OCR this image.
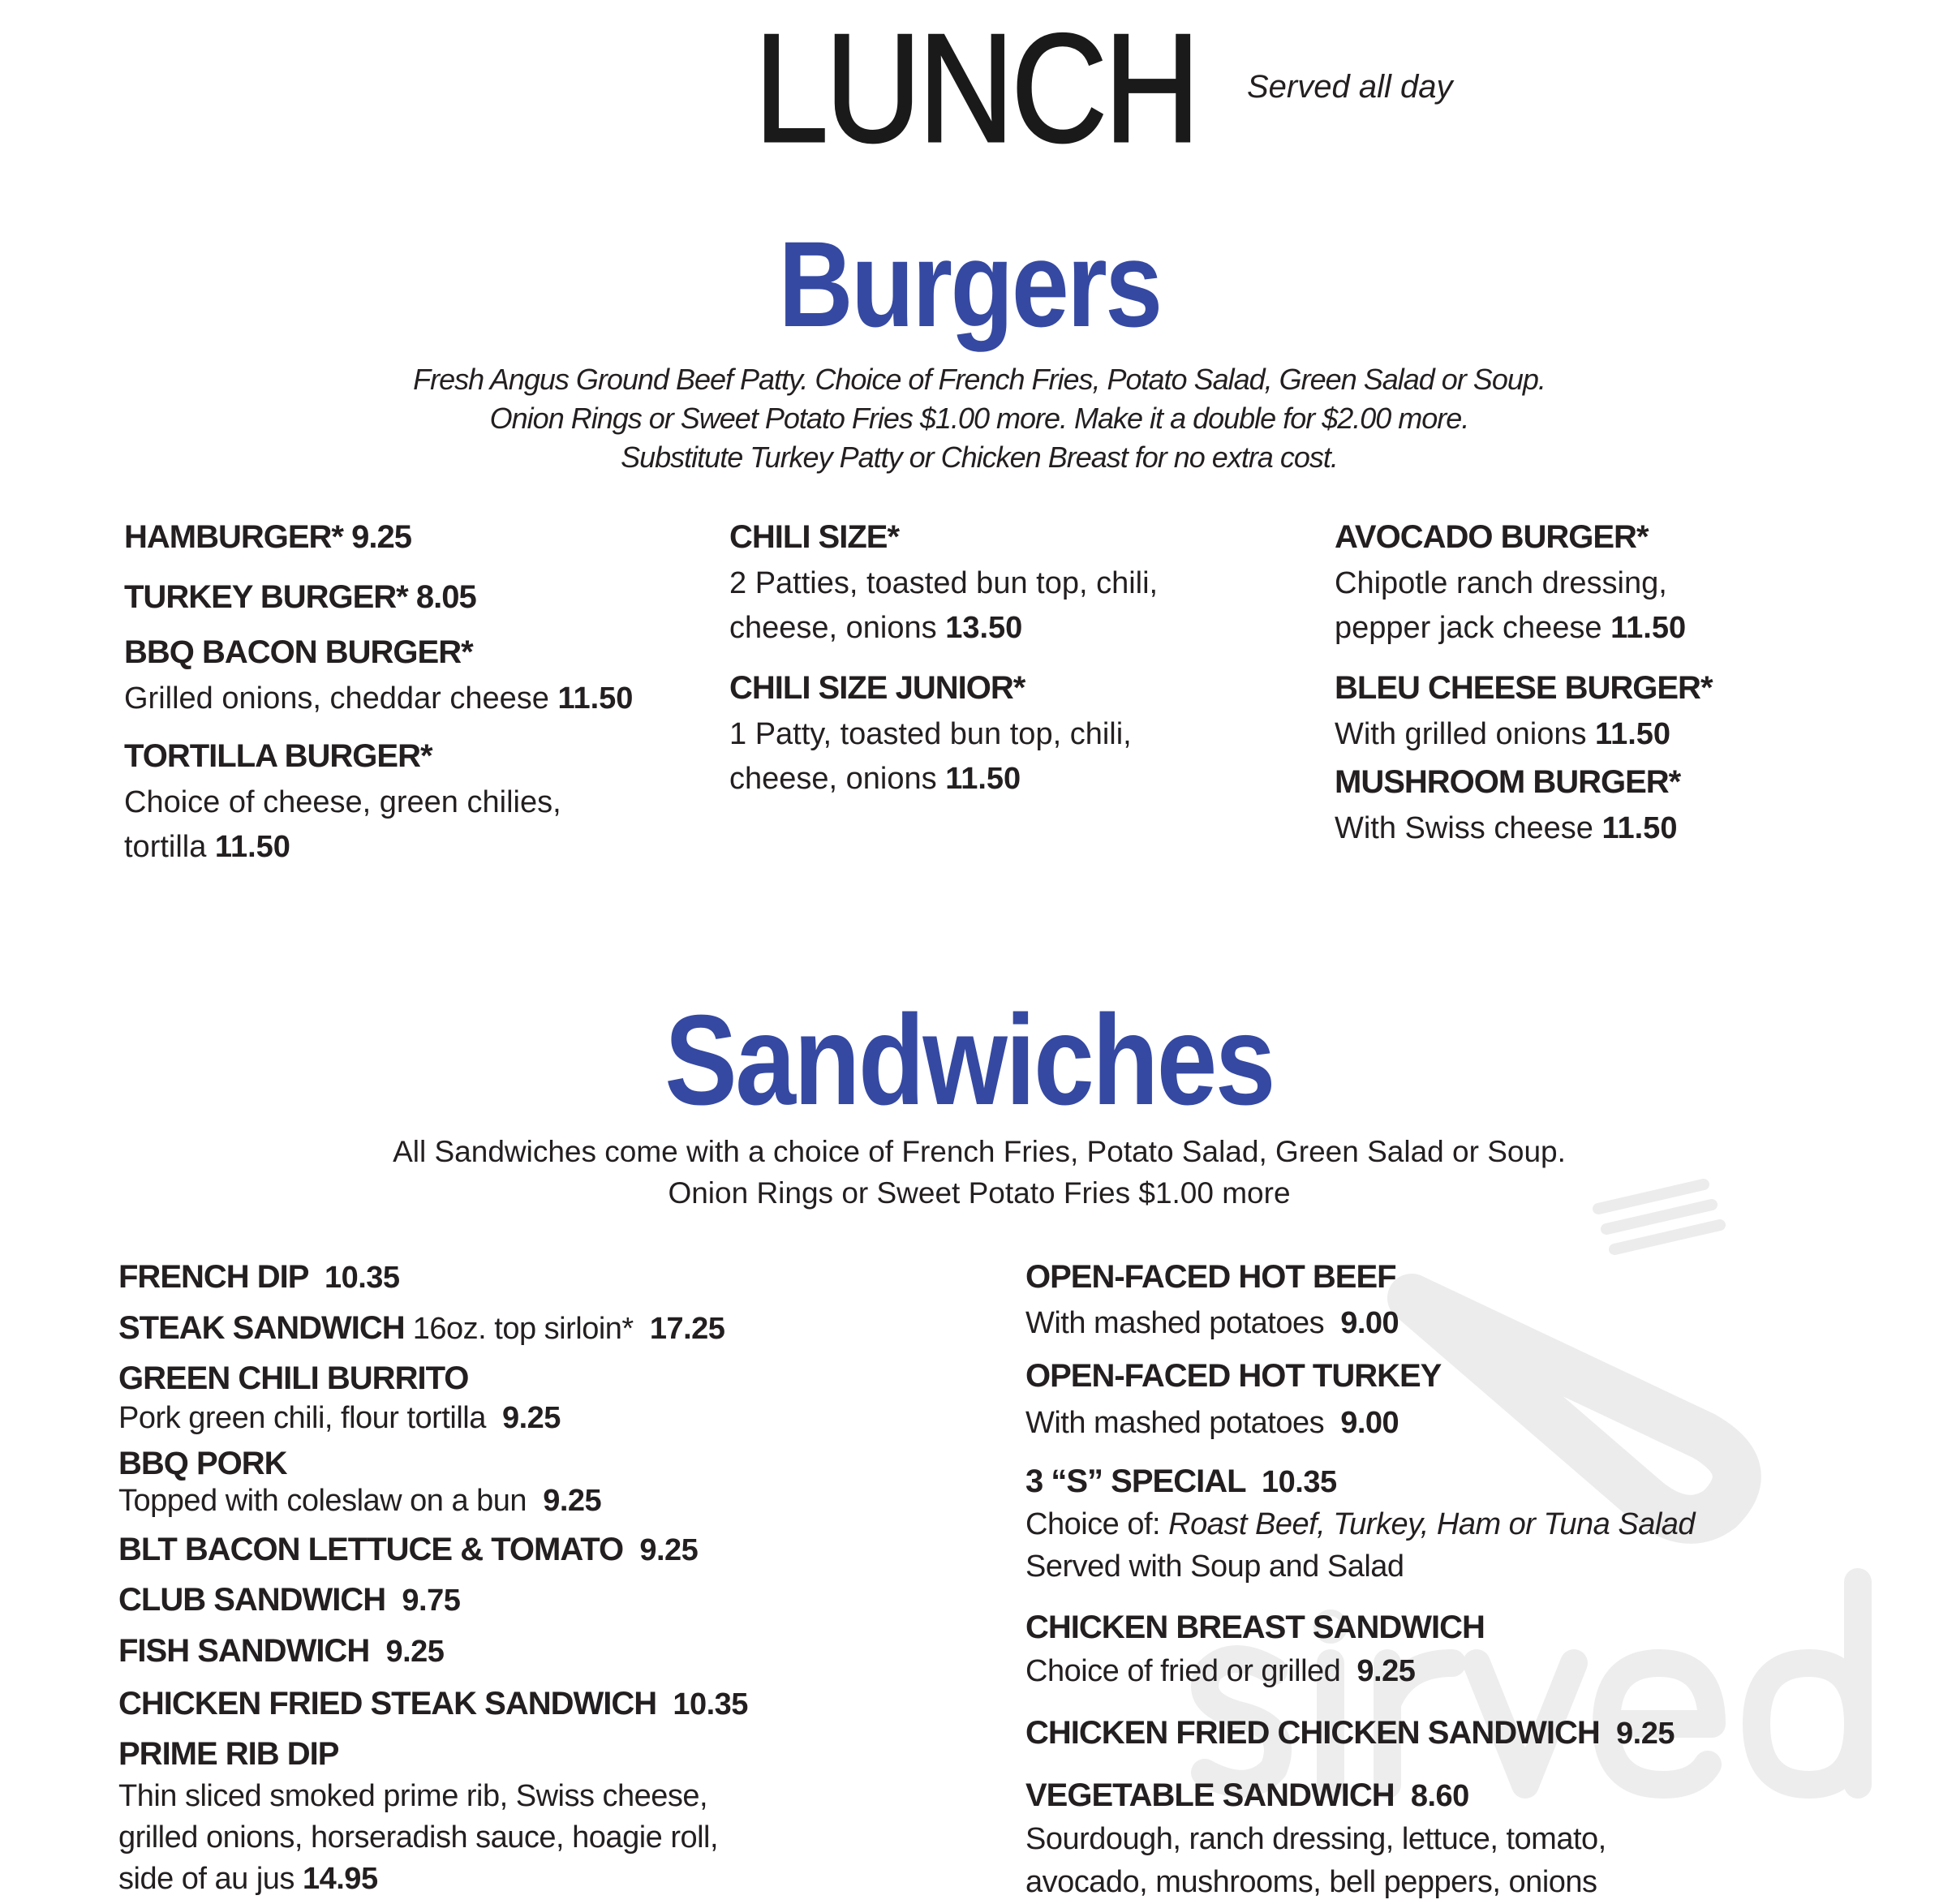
LUNCH Served all day
Burgers
Fresh Angus Ground Beef Patty. Choice of French Fries, Potato Salad, Green Salad or Soup.
Onion Rings or Sweet Potato Fries $1.00 more. Make it a double for $2.00 more.
Substitute Turkey Patty or Chicken Breast for no extra cost.
HAMBURGER* 9.25
TURKEY BURGER* 8.05
BBQ BACON BURGER*
Grilled onions, cheddar cheese 11.50
TORTILLA BURGER*
Choice of cheese, green chilies,
tortilla 11.50
CHILI SIZE*
2 Patties, toasted bun top, chili,
cheese, onions 13.50
CHILI SIZE JUNIOR*
1 Patty, toasted bun top, chili,
cheese, onions 11.50
AVOCADO BURGER*
Chipotle ranch dressing,
pepper jack cheese 11.50
BLEU CHEESE BURGER*
With grilled onions 11.50
MUSHROOM BURGER*
With Swiss cheese 11.50
Sandwiches
All Sandwiches come with a choice of French Fries, Potato Salad, Green Salad or Soup.
Onion Rings or Sweet Potato Fries $1.00 more
FRENCH DIP  10.35
STEAK SANDWICH 16oz. top sirloin*  17.25
GREEN CHILI BURRITO
Pork green chili, flour tortilla  9.25
BBQ PORK
Topped with coleslaw on a bun  9.25
BLT BACON LETTUCE & TOMATO  9.25
CLUB SANDWICH  9.75
FISH SANDWICH  9.25
CHICKEN FRIED STEAK SANDWICH  10.35
PRIME RIB DIP
Thin sliced smoked prime rib, Swiss cheese,
grilled onions, horseradish sauce, hoagie roll,
side of au jus 14.95
OPEN-FACED HOT BEEF
With mashed potatoes  9.00
OPEN-FACED HOT TURKEY
With mashed potatoes  9.00
3 “S” SPECIAL  10.35
Choice of: Roast Beef, Turkey, Ham or Tuna Salad
Served with Soup and Salad
CHICKEN BREAST SANDWICH
Choice of fried or grilled  9.25
CHICKEN FRIED CHICKEN SANDWICH  9.25
VEGETABLE SANDWICH  8.60
Sourdough, ranch dressing, lettuce, tomato,
avocado, mushrooms, bell peppers, onions
